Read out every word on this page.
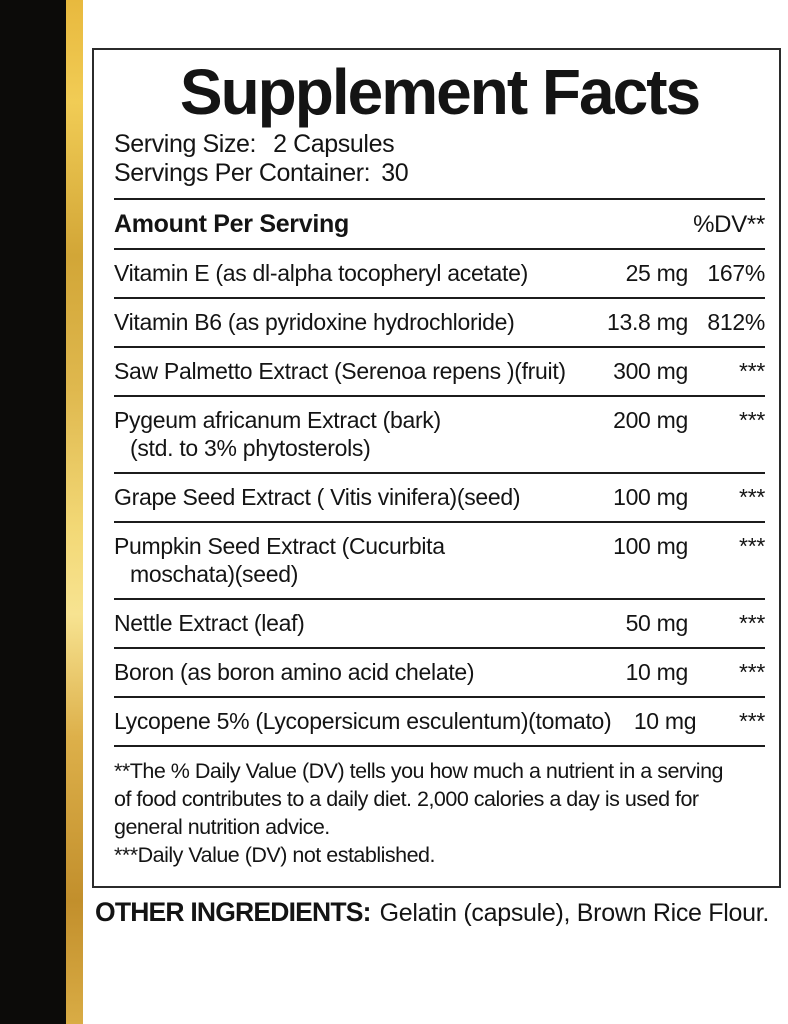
Supplement Facts
Serving Size: 2 Capsules
Servings Per Container: 30
Amount Per Serving	%DV**
Vitamin E (as dl-alpha tocopheryl acetate)	25 mg 167%
Vitamin B6 (as pyridoxine hydrochloride)	13.8 mg 812%
Saw Palmetto Extract (Serenoa repens )(fruit)	300 mg	***
Pygeum africanum Extract (bark)	200 mg	***
(std. to 3% phytosterols)
Grape Seed Extract ( Vitis vinifera)(seed)	100 mg	***
Pumpkin Seed Extract (Cucurbita	100 mg	***
moschata)(seed)
Nettle Extract (leaf)	50 mg	***
Boron (as boron amino acid chelate)	10 mg	***
Lycopene 5% (Lycopersicum esculentum)(tomato) 10 mg	***
**The % Daily Value (DV) tells you how much a nutrient in a serving
of food contributes to a daily diet. 2,000 calories a day is used for
general nutrition advice.
***Daily Value (DV) not established.
OTHER INGREDIENTS: Gelatin (capsule), Brown Rice Flour.
